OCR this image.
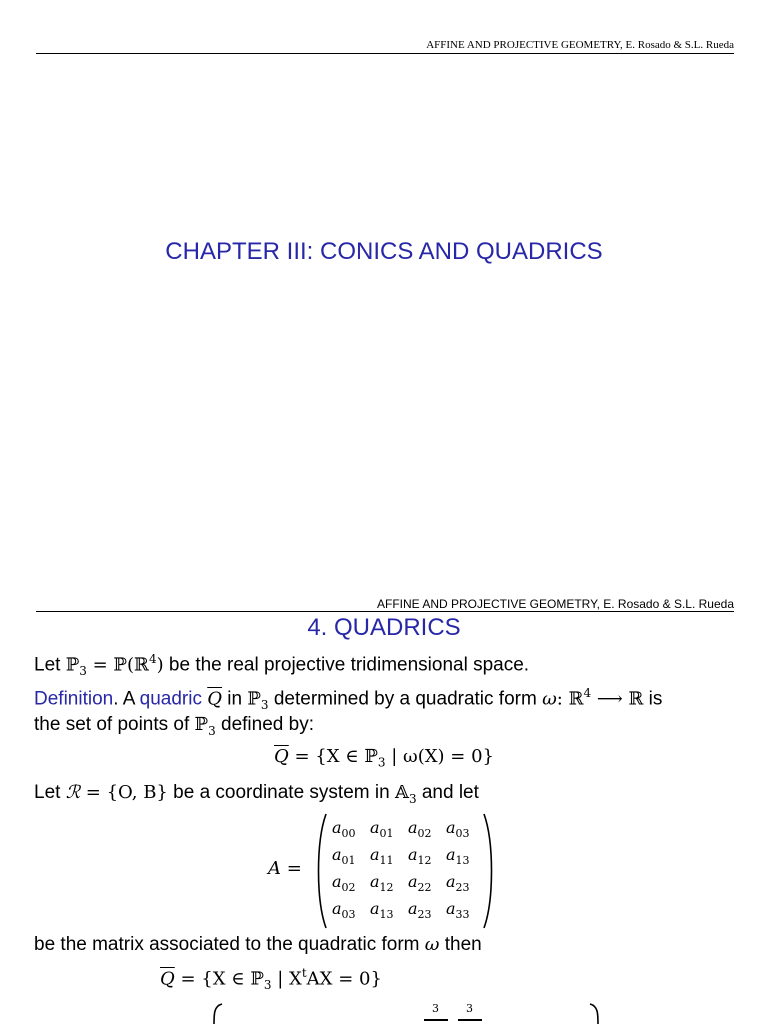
AFFINE AND PROJECTIVE GEOMETRY, E. Rosado & S.L. Rueda
CHAPTER III: CONICS AND QUADRICS
AFFINE AND PROJECTIVE GEOMETRY, E. Rosado & S.L. Rueda
4. QUADRICS
Let ℙ$_3$ = ℙ(ℝ$^4$) be the real projective tridimensional space.
Definition. A quadric $\overline{Q}$ in ℙ$_3$ determined by a quadratic form ω: ℝ$^4$ ⟶ ℝ is
the set of points of ℙ$_3$ defined by:
$\overline{Q} = \{X$ ∈ ℙ$_3$ | ω(X) = 0}
Let ℛ = {O, B} be a coordinate system in 𝔸$_3$ and let
A =
$a_{00}$ $a_{01}$ $a_{02}$ $a_{03}$
$a_{01}$ $a_{11}$ $a_{12}$ $a_{13}$
$a_{02}$ $a_{12}$ $a_{22}$ $a_{23}$
$a_{03}$ $a_{13}$ $a_{23}$ $a_{33}$
be the matrix associated to the quadratic form ω then
$\overline{Q} = \{X$ ∈ ℙ$_3$ | $X^tAX = 0$}
3 3
